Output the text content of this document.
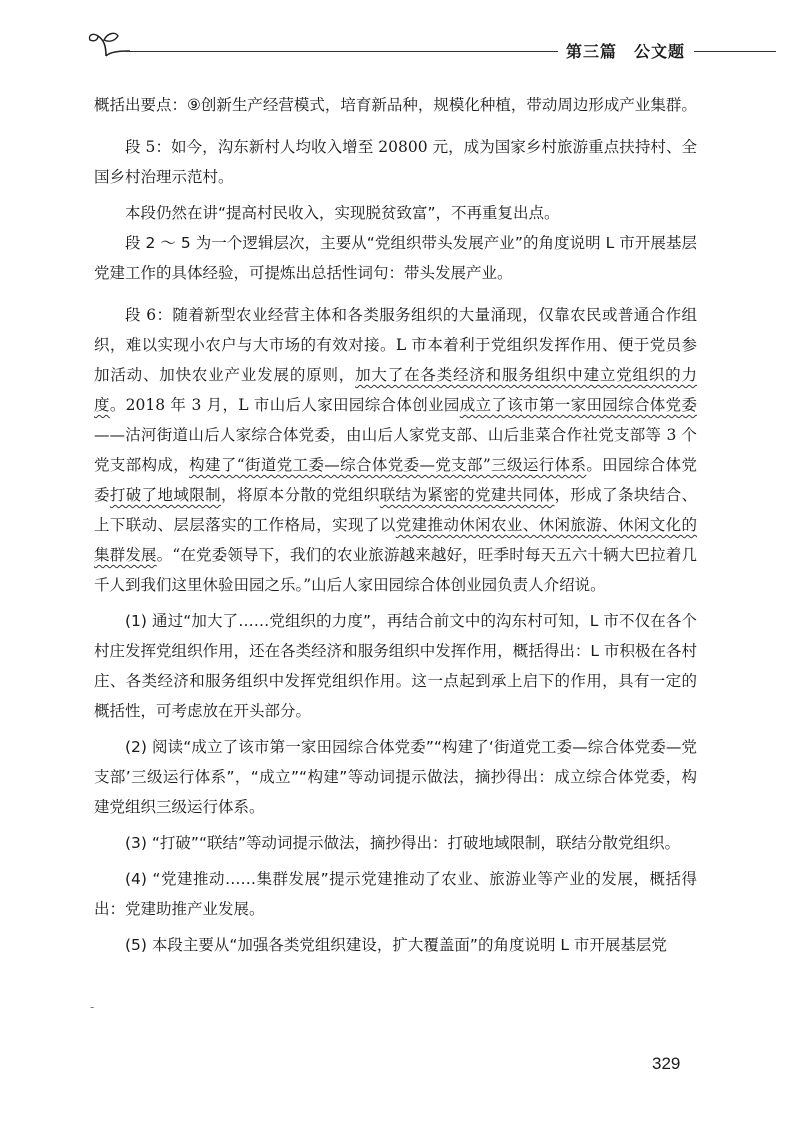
第三篇　公文题

概括出要点：⑨创新生产经营模式，培育新品种，规模化种植，带动周边形成产业集群。

段 5：如今，沟东新村人均收入增至 20800 元，成为国家乡村旅游重点扶持村、全国乡村治理示范村。

本段仍然在讲“提高村民收入，实现脱贫致富”，不再重复出点。

段 2 ～ 5 为一个逻辑层次，主要从“党组织带头发展产业”的角度说明 L 市开展基层党建工作的具体经验，可提炼出总括性词句：带头发展产业。

段 6：随着新型农业经营主体和各类服务组织的大量涌现，仅靠农民或普通合作组织，难以实现小农户与大市场的有效对接。L 市本着利于党组织发挥作用、便于党员参加活动、加快农业产业发展的原则，加大了在各类经济和服务组织中建立党组织的力度。2018 年 3 月，L 市山后人家田园综合体创业园成立了该市第一家田园综合体党委——沽河街道山后人家综合体党委，由山后人家党支部、山后韭菜合作社党支部等 3 个党支部构成，构建了“街道党工委—综合体党委—党支部”三级运行体系。田园综合体党委打破了地域限制，将原本分散的党组织联结为紧密的党建共同体，形成了条块结合、上下联动、层层落实的工作格局，实现了以党建推动休闲农业、休闲旅游、休闲文化的集群发展。“在党委领导下，我们的农业旅游越来越好，旺季时每天五六十辆大巴拉着几千人到我们这里休验田园之乐。”山后人家田园综合体创业园负责人介绍说。

(1) 通过“加大了……党组织的力度”，再结合前文中的沟东村可知，L 市不仅在各个村庄发挥党组织作用，还在各类经济和服务组织中发挥作用，概括得出：L 市积极在各村庄、各类经济和服务组织中发挥党组织作用。这一点起到承上启下的作用，具有一定的概括性，可考虑放在开头部分。

(2) 阅读“成立了该市第一家田园综合体党委”“构建了‘街道党工委—综合体党委—党支部’三级运行体系”，“成立”“构建”等动词提示做法，摘抄得出：成立综合体党委，构建党组织三级运行体系。

(3) “打破”“联结”等动词提示做法，摘抄得出：打破地域限制，联结分散党组织。

(4) “党建推动……集群发展”提示党建推动了农业、旅游业等产业的发展，概括得出：党建助推产业发展。

(5) 本段主要从“加强各类党组织建设，扩大覆盖面”的角度说明 L 市开展基层党

-
329
